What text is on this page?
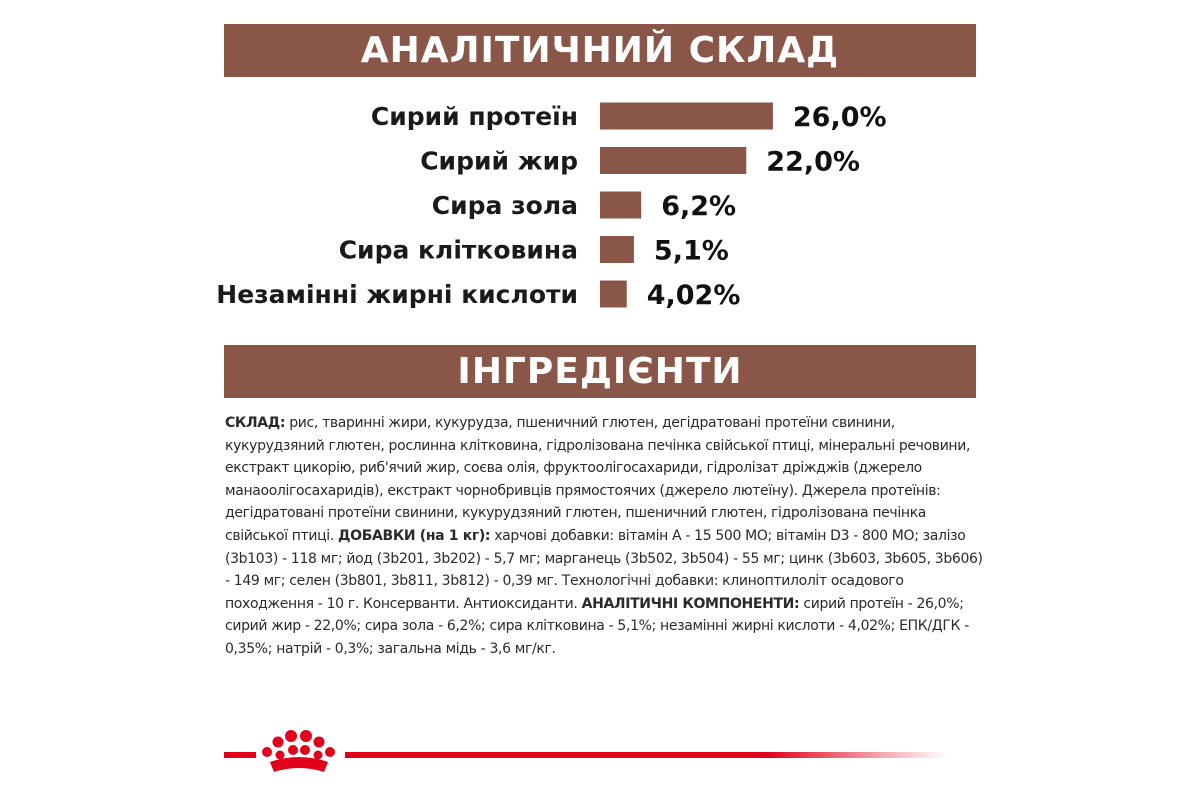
АНАЛІТИЧНИЙ СКЛАД
Сирий протеїн	26,0%
Сирий жир	22,0%
Сира зола	6,2%
Сира клітковина	5,1%
Незамінні жирні кислоти	4,02%
ІНГРЕДІЄНТИ
СКЛАД: рис, тваринні жири, кукурудза, пшеничний глютен, дегідратовані протеїни свинини, кукурудзяний глютен, рослинна клітковина, гідролізована печінка свійської птиці, мінеральні речовини, екстракт цикорію, риб'ячий жир, соєва олія, фруктоолігосахариди, гідролізат дріжджів (джерело манаоолігосахаридів), екстракт чорнобривців прямостоячих (джерело лютеїну). Джерела протеїнів: дегідратовані протеїни свинини, кукурудзяний глютен, пшеничний глютен, гідролізована печінка свійської птиці. ДОБАВКИ (на 1 кг): харчові добавки: вітамін А - 15 500 МО; вітамін D3 - 800 МО; залізо (3b103) - 118 мг; йод (3b201, 3b202) - 5,7 мг; марганець (3b502, 3b504) - 55 мг; цинк (3b603, 3b605, 3b606) - 149 мг; селен (3b801, 3b811, 3b812) - 0,39 мг. Технологічні добавки: клиноптилоліт осадового походження - 10 г. Консерванти. Антиоксиданти. АНАЛІТИЧНІ КОМПОНЕНТИ: сирий протеїн - 26,0%; сирий жир - 22,0%; сира зола - 6,2%; сира клітковина - 5,1%; незамінні жирні кислоти - 4,02%; ЕПК/ДГК - 0,35%; натрій - 0,3%; загальна мідь - 3,6 мг/кг.
